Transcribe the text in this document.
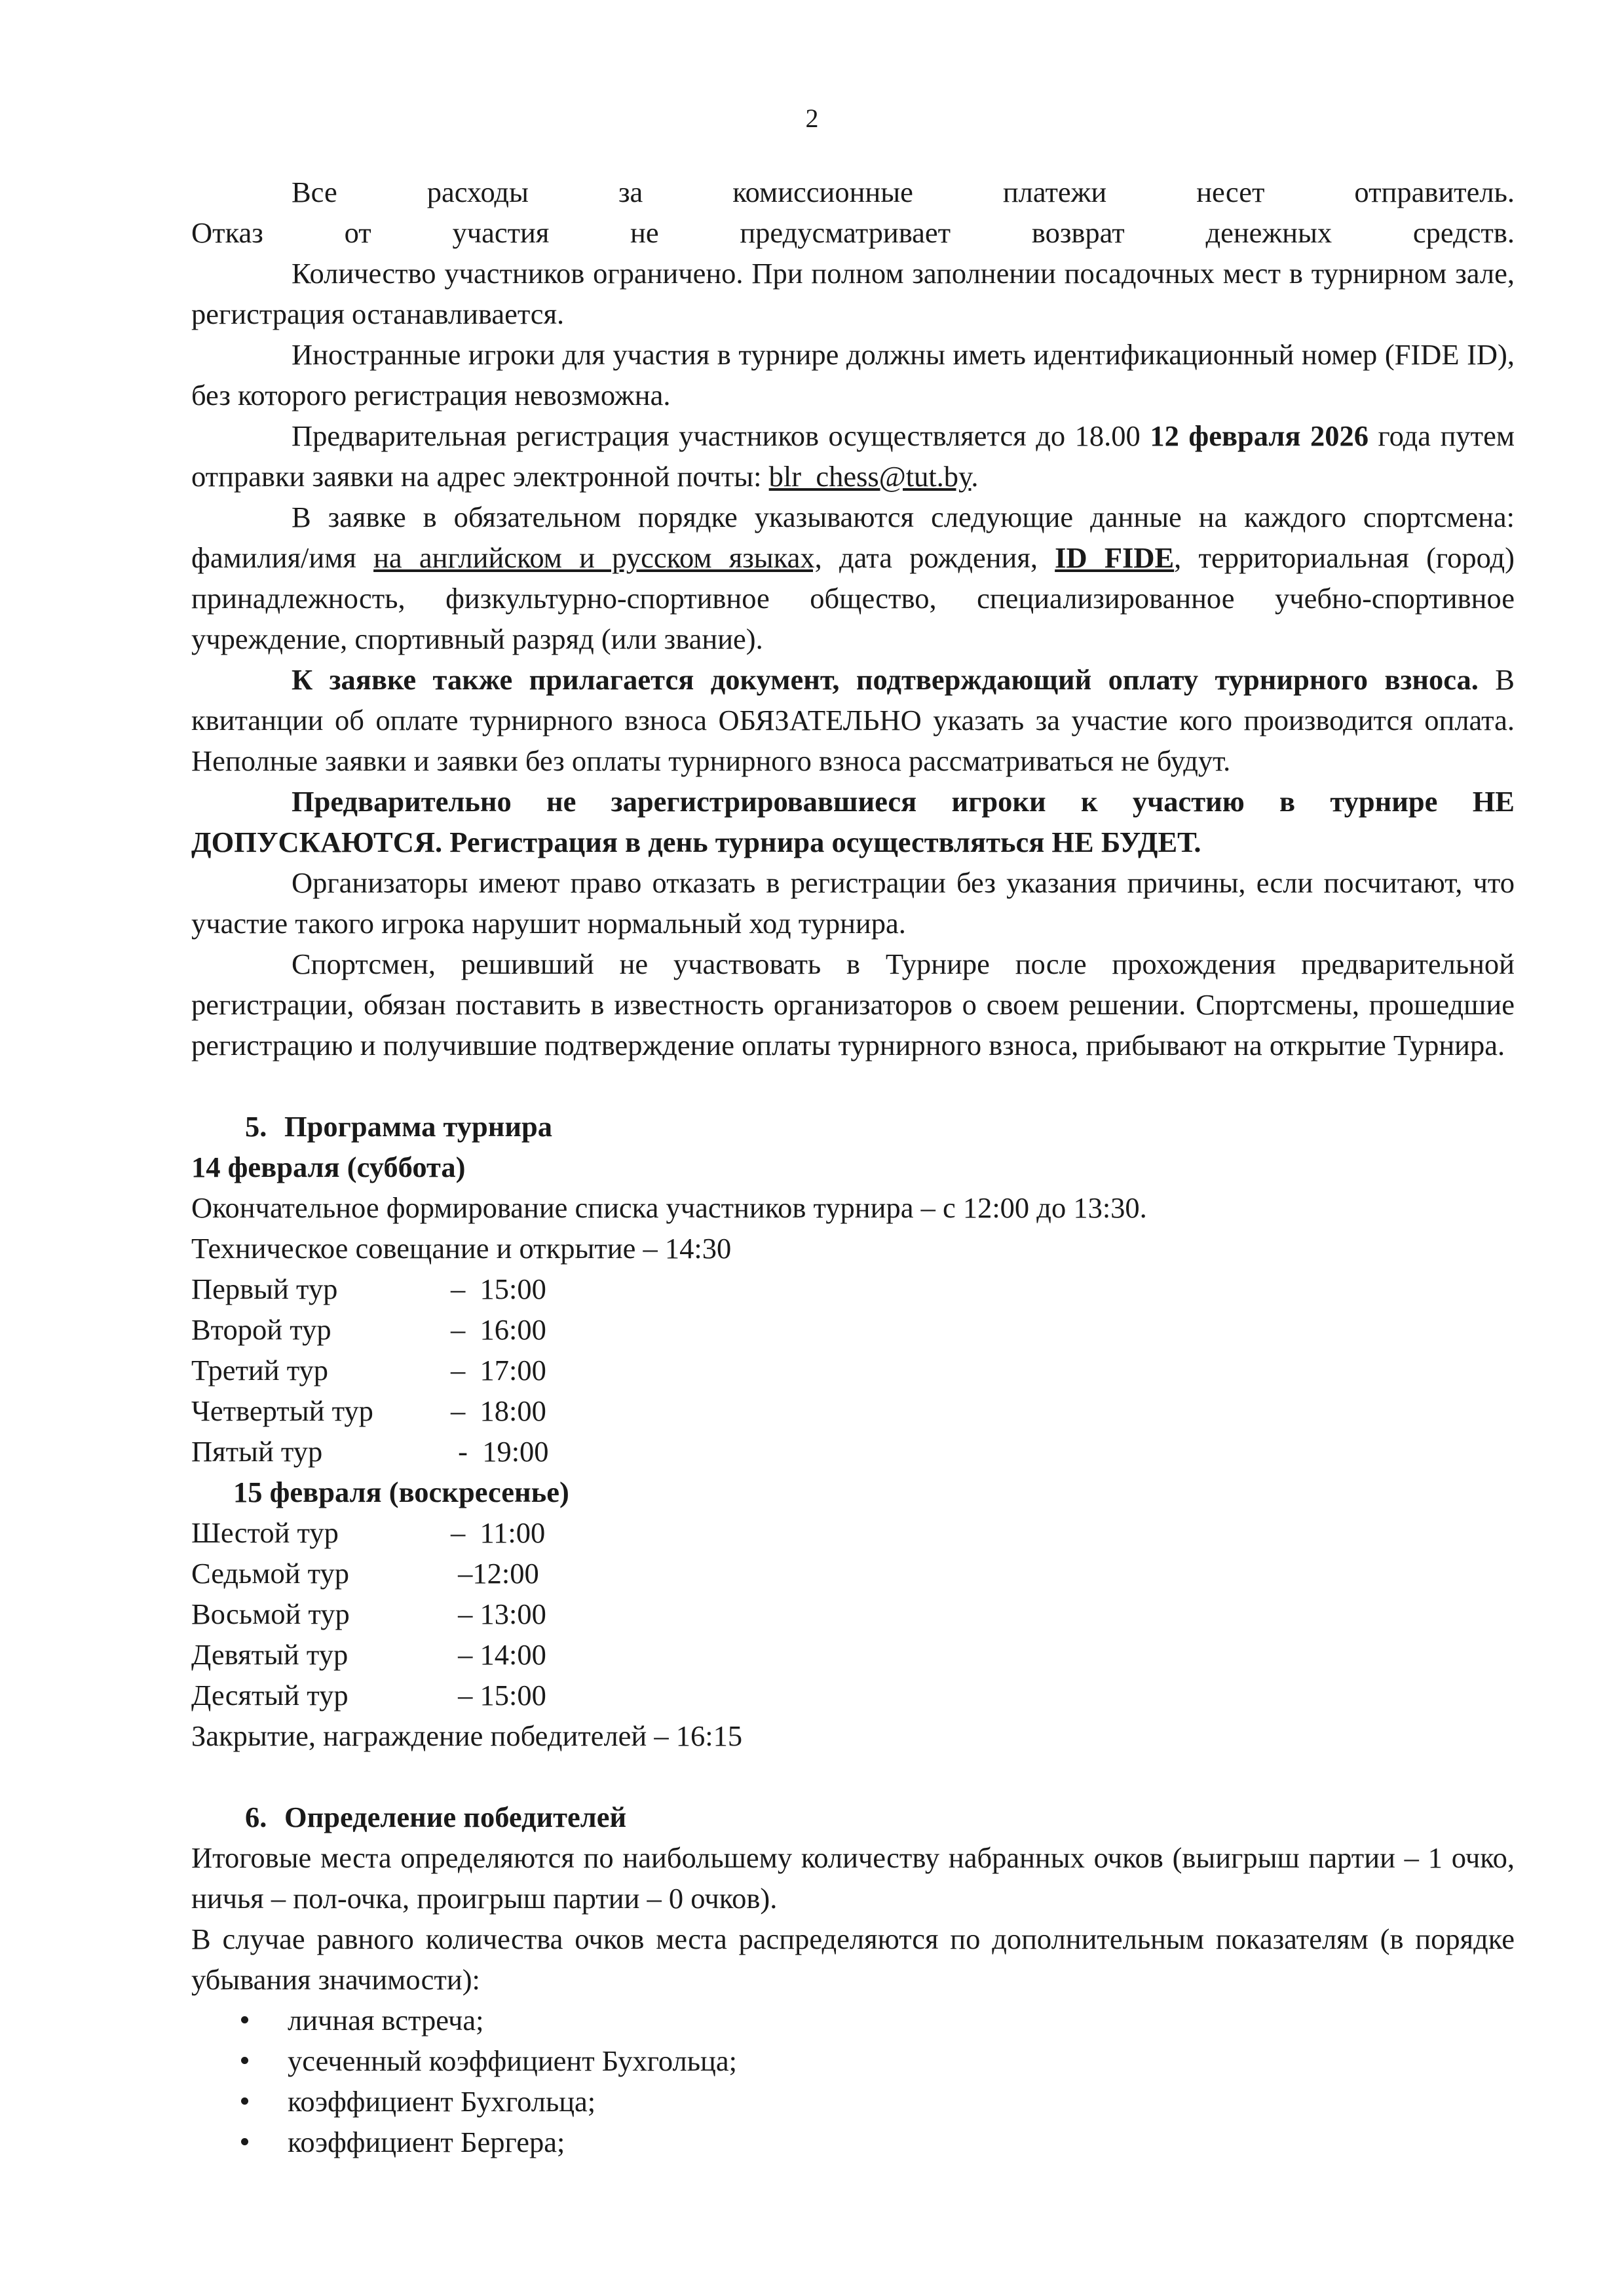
2

Все расходы за комиссионные платежи несет отправитель.

Отказ от участия не предусматривает возврат денежных средств.

Количество участников ограничено. При полном заполнении посадочных мест в турнирном зале, регистрация останавливается.

Иностранные игроки для участия в турнире должны иметь идентификационный номер (FIDE ID), без которого регистрация невозможна.

Предварительная регистрация участников осуществляется до 18.00 12 февраля 2026 года путем отправки заявки на адрес электронной почты: blr_chess@tut.by.

В заявке в обязательном порядке указываются следующие данные на каждого спортсмена: фамилия/имя на английском и русском языках, дата рождения, ID FIDE, территориальная (город) принадлежность, физкультурно-спортивное общество, специализированное учебно-спортивное учреждение, спортивный разряд (или звание).

К заявке также прилагается документ, подтверждающий оплату турнирного взноса. В квитанции об оплате турнирного взноса ОБЯЗАТЕЛЬНО указать за участие кого производится оплата. Неполные заявки и заявки без оплаты турнирного взноса рассматриваться не будут.

Предварительно не зарегистрировавшиеся игроки к участию в турнире НЕ ДОПУСКАЮТСЯ. Регистрация в день турнира осуществляться НЕ БУДЕТ.

Организаторы имеют право отказать в регистрации без указания причины, если посчитают, что участие такого игрока нарушит нормальный ход турнира.

Спортсмен, решивший не участвовать в Турнире после прохождения предварительной регистрации, обязан поставить в известность организаторов о своем решении. Спортсмены, прошедшие регистрацию и получившие подтверждение оплаты турнирного взноса, прибывают на открытие Турнира.

5. Программа турнира
14 февраля (суббота)
Окончательное формирование списка участников турнира – с 12:00 до 13:30.
Техническое совещание и открытие – 14:30
Первый тур	–  15:00
Второй тур	–  16:00
Третий тур	–  17:00
Четвертый тур	–  18:00
Пятый тур	-  19:00
15 февраля (воскресенье)
Шестой тур	–  11:00
Седьмой тур	–12:00
Восьмой тур	– 13:00
Девятый тур	– 14:00
Десятый тур	– 15:00
Закрытие, награждение победителей – 16:15
6. Определение победителей

Итоговые места определяются по наибольшему количеству набранных очков (выигрыш партии – 1 очко, ничья – пол-очка, проигрыш партии – 0 очков).

В случае равного количества очков места распределяются по дополнительным показателям (в порядке убывания значимости):

личная встреча;
усеченный коэффициент Бухгольца;
коэффициент Бухгольца;
коэффициент Бергера;
